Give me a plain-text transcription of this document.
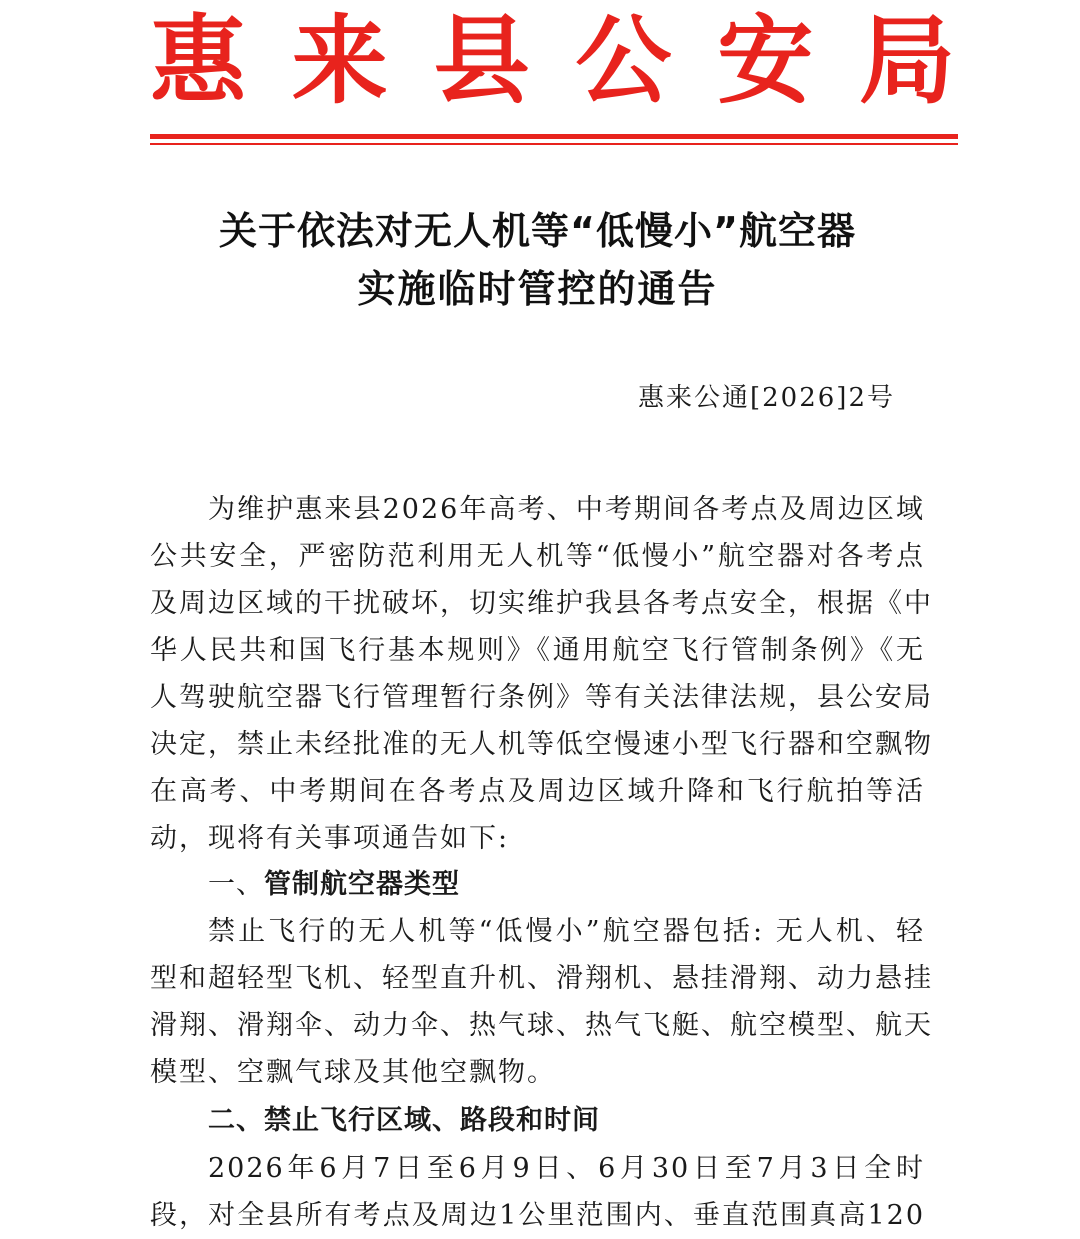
惠来县公安局
关于依法对无人机等“低慢小”航空器
实施临时管控的通告
惠来公通[2026]2号
为维护惠来县2026年高考、中考期间各考点及周边区域
公共安全，严密防范利用无人机等“低慢小”航空器对各考点
及周边区域的干扰破坏，切实维护我县各考点安全，根据《中
华人民共和国飞行基本规则》《通用航空飞行管制条例》《无
人驾驶航空器飞行管理暂行条例》等有关法律法规，县公安局
决定，禁止未经批准的无人机等低空慢速小型飞行器和空飘物
在高考、中考期间在各考点及周边区域升降和飞行航拍等活
动，现将有关事项通告如下:
一、管制航空器类型
禁止飞行的无人机等“低慢小”航空器包括: 无人机、轻
型和超轻型飞机、轻型直升机、滑翔机、悬挂滑翔、动力悬挂
滑翔、滑翔伞、动力伞、热气球、热气飞艇、航空模型、航天
模型、空飘气球及其他空飘物。
二、禁止飞行区域、路段和时间
2026年6月7日至6月9日、6月30日至7月3日全时
段，对全县所有考点及周边1公里范围内、垂直范围真高120
